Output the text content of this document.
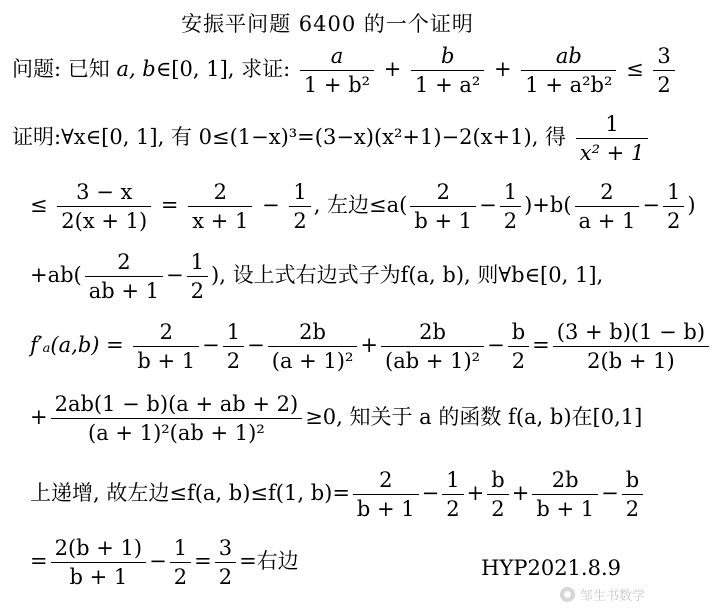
安振平问题 6400 的一个证明
问题: 已知 a, b∈[0, 1], 求证: $\frac{a}{\text{1 + b²}} + \frac{b}{\text{1 + a²}} + \frac{ab}{\text{1 + a²b²}} \le \frac{3}{2}$
证明:∀x∈[0, 1], 有 0≤(1−x)³=(3−x)(x²+1)−2(x+1), 得 $\frac{1}{\text{x² + 1}}$
≤ $\frac{3 - x}{2(x + 1)} = \frac{2}{x + 1} - \frac{1}{2}$ , 左边$\le a( \frac{2}{b + 1} - \frac{1}{2} )+b( \frac{2}{a + 1} - \frac{1}{2}$ )
$+ab( \frac{2}{ab + 1} - \frac{1}{2}$ ), 设上式右边式子为f(a, b), 则∀b∈[0, 1],
$f'_a(a,b) = \frac{2}{b + 1} - \frac{1}{2} - \frac{2b}{\text{(a + 1)²}} + \frac{2b}{\text{(ab + 1)²}} - \frac{b}{2} = \frac{(3 + b)(1 - b)}{2(b + 1)}$
+ $\frac{2ab(1 - b)(a + ab + 2)}{\text{(a + 1)²(ab + 1)²}} \ge 0$, 知关于 a 的函数 f(a, b)在[0,1]
上递增, 故左边≤f(a, b)≤f(1, $b)= \frac{2}{b + 1} - \frac{1}{2} + \frac{b}{2} + \frac{2b}{b + 1} - \frac{b}{2}$
= $\frac{2(b + 1)}{b + 1} - \frac{1}{2} = \frac{3}{2}$ =右边	HYP2021.8.9
邹生书数学
